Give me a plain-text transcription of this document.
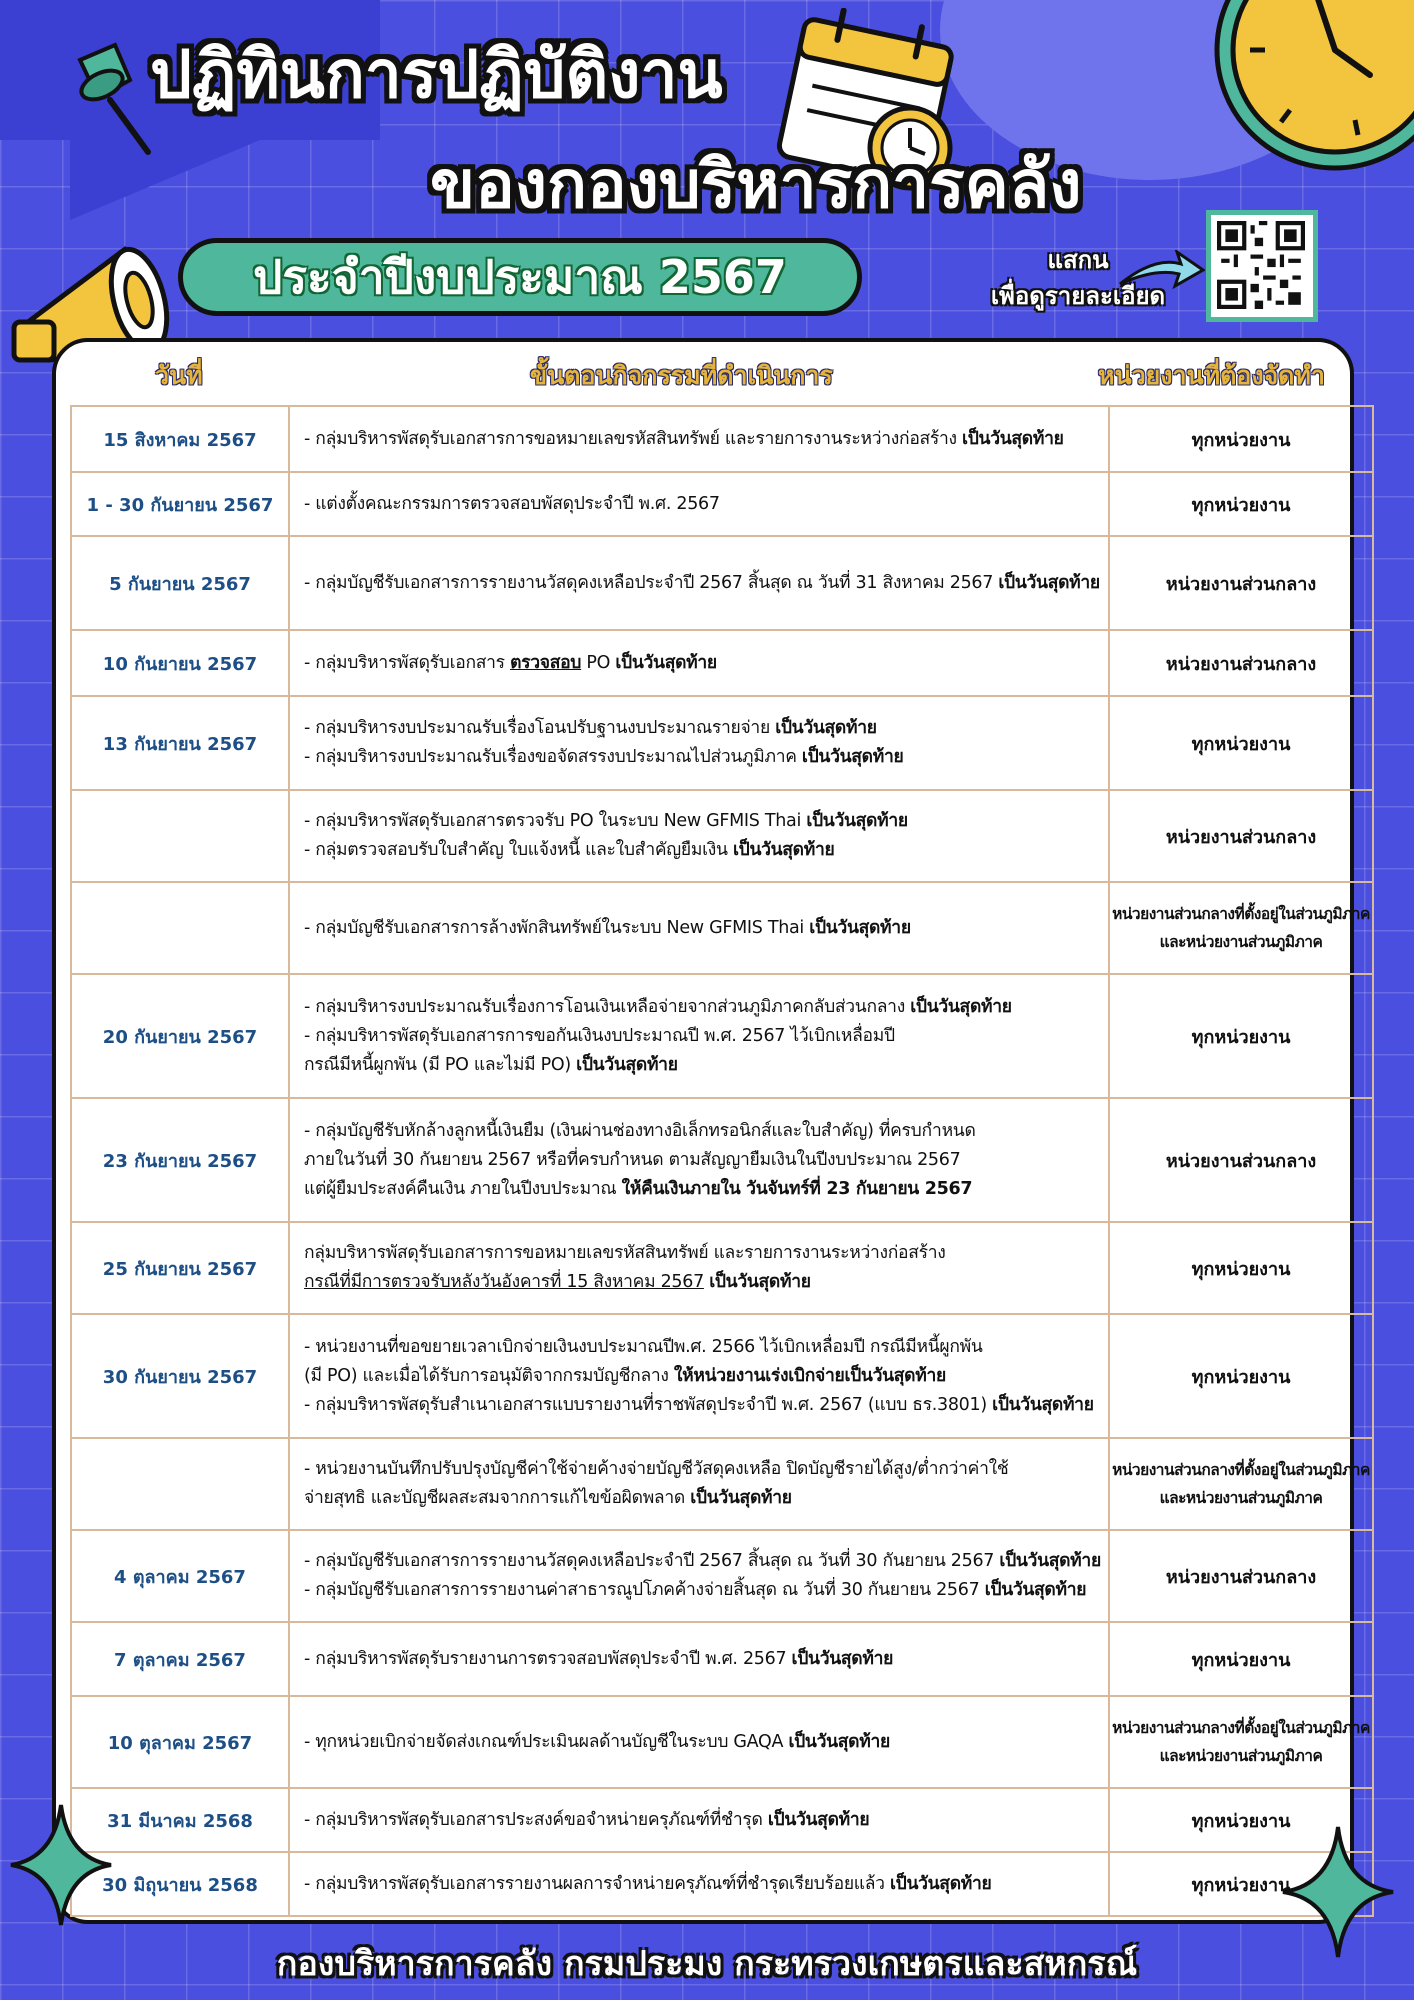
ปฏิทินการปฏิบัติงาน
ของกองบริหารการคลัง
ประจำปีงบประมาณ 2567	แสกน
เพื่อดูรายละเอียด
วันที่	ขั้นตอนกิจกรรมที่ดำเนินการ	หน่วยงานที่ต้องจัดทำ
15 สิงหาคม 2567	- กลุ่มบริหารพัสดุรับเอกสารการขอหมายเลขรหัสสินทรัพย์ และรายการงานระหว่างก่อสร้าง เป็นวันสุดท้าย	ทุกหน่วยงาน
1 - 30 กันยายน 2567	- แต่งตั้งคณะกรรมการตรวจสอบพัสดุประจำปี พ.ศ. 2567	ทุกหน่วยงาน
5 กันยายน 2567	- กลุ่มบัญชีรับเอกสารการรายงานวัสดุคงเหลือประจำปี 2567 สิ้นสุด ณ วันที่ 31 สิงหาคม 2567 เป็นวันสุดท้าย	หน่วยงานส่วนกลาง
10 กันยายน 2567	- กลุ่มบริหารพัสดุรับเอกสาร ตรวจสอบ PO เป็นวันสุดท้าย	หน่วยงานส่วนกลาง
13 กันยายน 2567	- กลุ่มบริหารงบประมาณรับเรื่องโอนปรับฐานงบประมาณรายจ่าย เป็นวันสุดท้าย
- กลุ่มบริหารงบประมาณรับเรื่องขอจัดสรรงบประมาณไปส่วนภูมิภาค เป็นวันสุดท้าย	ทุกหน่วยงาน

	- กลุ่มบริหารพัสดุรับเอกสารตรวจรับ PO ในระบบ New GFMIS Thai เป็นวันสุดท้าย
- กลุ่มตรวจสอบรับใบสำคัญ ใบแจ้งหนี้ และใบสำคัญยืมเงิน เป็นวันสุดท้าย	หน่วยงานส่วนกลาง

	- กลุ่มบัญชีรับเอกสารการล้างพักสินทรัพย์ในระบบ New GFMIS Thai เป็นวันสุดท้าย	หน่วยงานส่วนกลางที่ตั้งอยู่ในส่วนภูมิภาค และหน่วยงานส่วนภูมิภาค
20 กันยายน 2567	- กลุ่มบริหารงบประมาณรับเรื่องการโอนเงินเหลือจ่ายจากส่วนภูมิภาคกลับส่วนกลาง เป็นวันสุดท้าย
- กลุ่มบริหารพัสดุรับเอกสารการขอกันเงินงบประมาณปี พ.ศ. 2567 ไว้เบิกเหลื่อมปี
กรณีมีหนี้ผูกพัน (มี PO และไม่มี PO) เป็นวันสุดท้าย	ทุกหน่วยงาน
23 กันยายน 2567	- กลุ่มบัญชีรับหักล้างลูกหนี้เงินยืม (เงินผ่านช่องทางอิเล็กทรอนิกส์และใบสำคัญ) ที่ครบกำหนด
ภายในวันที่ 30 กันยายน 2567 หรือที่ครบกำหนด ตามสัญญายืมเงินในปีงบประมาณ 2567
แต่ผู้ยืมประสงค์คืนเงิน ภายในปีงบประมาณ ให้คืนเงินภายใน วันจันทร์ที่ 23 กันยายน 2567	หน่วยงานส่วนกลาง
25 กันยายน 2567	กลุ่มบริหารพัสดุรับเอกสารการขอหมายเลขรหัสสินทรัพย์ และรายการงานระหว่างก่อสร้าง
กรณีที่มีการตรวจรับหลังวันอังคารที่ 15 สิงหาคม 2567 เป็นวันสุดท้าย	ทุกหน่วยงาน
30 กันยายน 2567	- หน่วยงานที่ขอขยายเวลาเบิกจ่ายเงินงบประมาณปีพ.ศ. 2566 ไว้เบิกเหลื่อมปี กรณีมีหนี้ผูกพัน
(มี PO) และเมื่อได้รับการอนุมัติจากกรมบัญชีกลาง ให้หน่วยงานเร่งเบิกจ่ายเป็นวันสุดท้าย
- กลุ่มบริหารพัสดุรับสำเนาเอกสารแบบรายงานที่ราชพัสดุประจำปี พ.ศ. 2567 (แบบ ธร.3801) เป็นวันสุดท้าย	ทุกหน่วยงาน

	- หน่วยงานบันทึกปรับปรุงบัญชีค่าใช้จ่ายค้างจ่ายบัญชีวัสดุคงเหลือ ปิดบัญชีรายได้สูง/ต่ำกว่าค่าใช้
จ่ายสุทธิ และบัญชีผลสะสมจากการแก้ไขข้อผิดพลาด เป็นวันสุดท้าย	หน่วยงานส่วนกลางที่ตั้งอยู่ในส่วนภูมิภาค และหน่วยงานส่วนภูมิภาค
4 ตุลาคม 2567	- กลุ่มบัญชีรับเอกสารการรายงานวัสดุคงเหลือประจำปี 2567 สิ้นสุด ณ วันที่ 30 กันยายน 2567 เป็นวันสุดท้าย
- กลุ่มบัญชีรับเอกสารการรายงานค่าสาธารณูปโภคค้างจ่ายสิ้นสุด ณ วันที่ 30 กันยายน 2567 เป็นวันสุดท้าย	หน่วยงานส่วนกลาง
7 ตุลาคม 2567	- กลุ่มบริหารพัสดุรับรายงานการตรวจสอบพัสดุประจำปี พ.ศ. 2567 เป็นวันสุดท้าย	ทุกหน่วยงาน
10 ตุลาคม 2567	- ทุกหน่วยเบิกจ่ายจัดส่งเกณฑ์ประเมินผลด้านบัญชีในระบบ GAQA เป็นวันสุดท้าย	หน่วยงานส่วนกลางที่ตั้งอยู่ในส่วนภูมิภาค และหน่วยงานส่วนภูมิภาค
31 มีนาคม 2568	- กลุ่มบริหารพัสดุรับเอกสารประสงค์ขอจำหน่ายครุภัณฑ์ที่ชำรุด เป็นวันสุดท้าย	ทุกหน่วยงาน
30 มิถุนายน 2568	- กลุ่มบริหารพัสดุรับเอกสารรายงานผลการจำหน่ายครุภัณฑ์ที่ชำรุดเรียบร้อยแล้ว เป็นวันสุดท้าย	ทุกหน่วยงาน
กองบริหารการคลัง กรมประมง กระทรวงเกษตรและสหกรณ์
